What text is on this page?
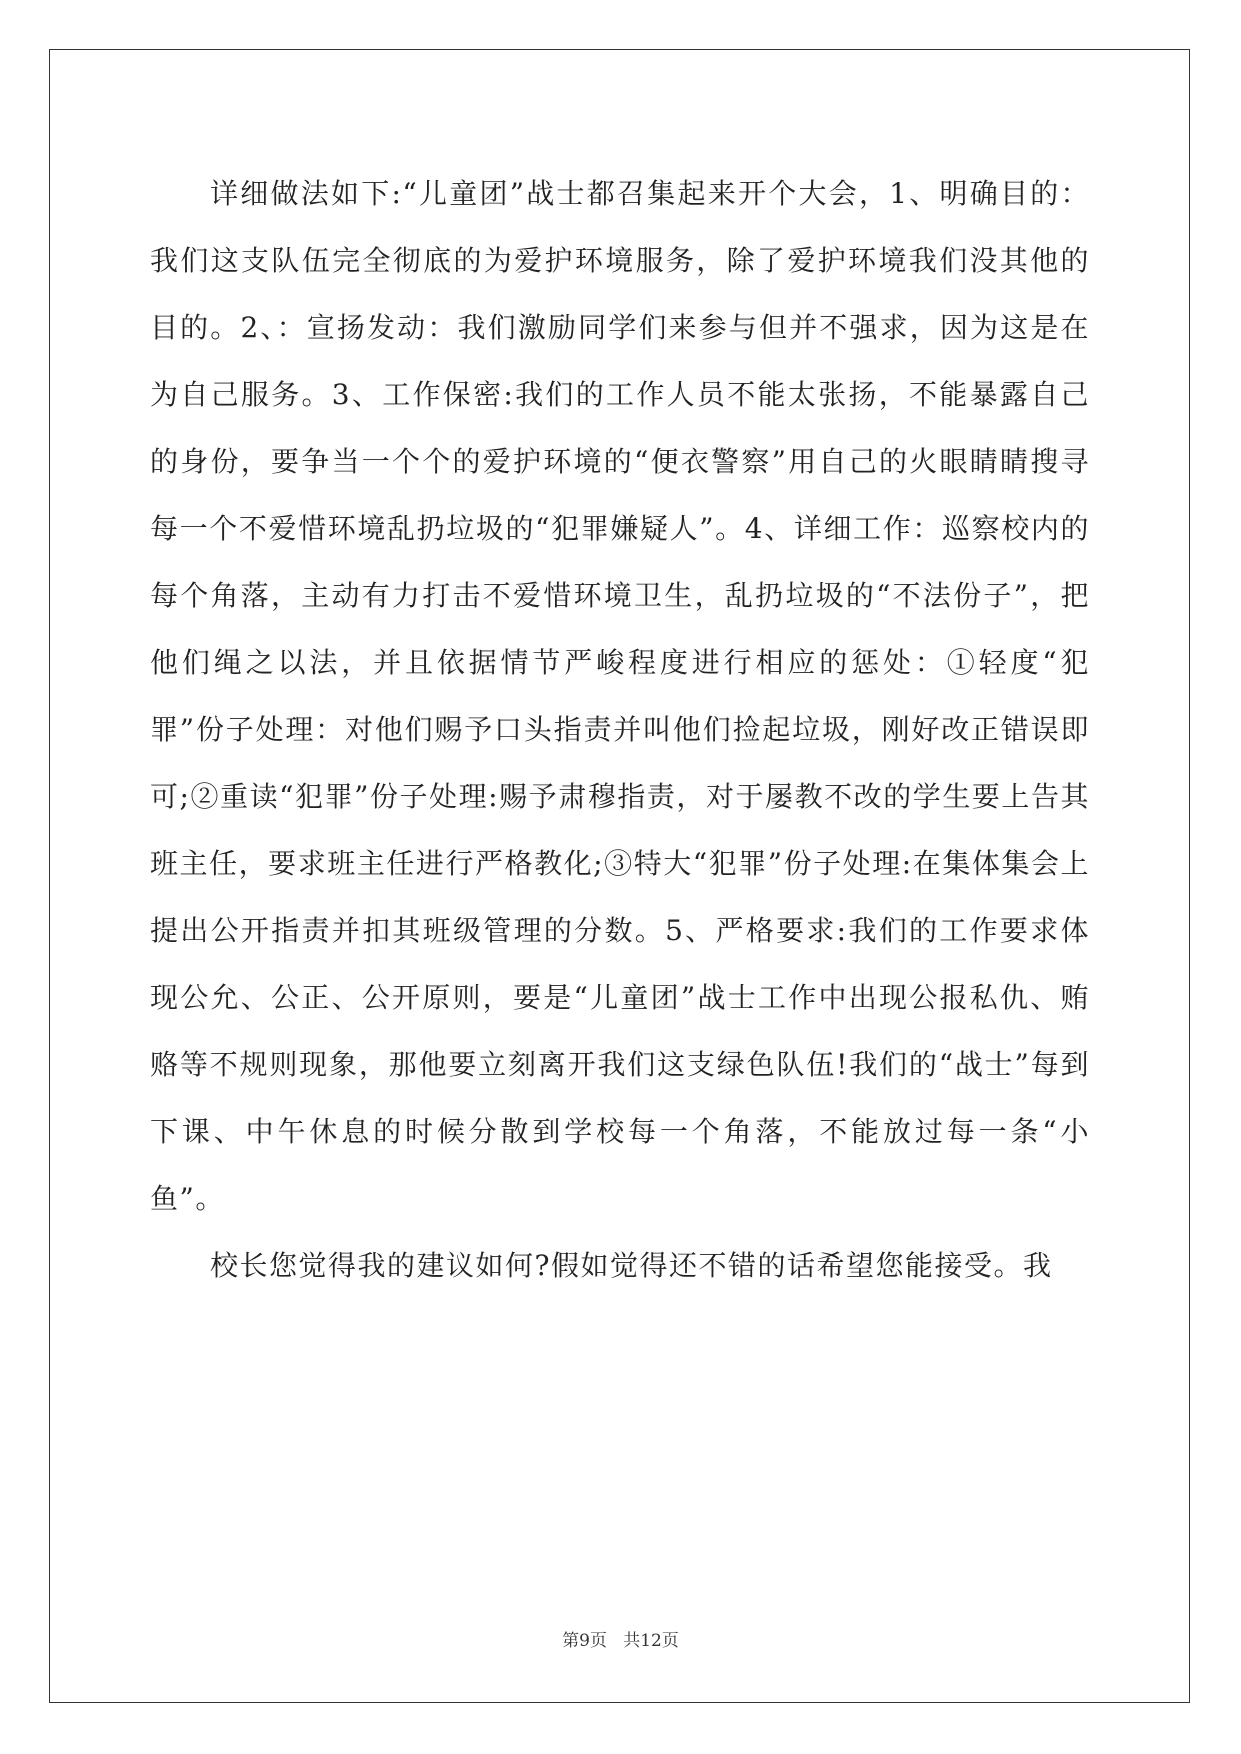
详细做法如下:“儿童团”战士都召集起来开个大会，1、明确目的：我们这支队伍完全彻底的为爱护环境服务，除了爱护环境我们没其他的目的。2、：宣扬发动：我们激励同学们来参与但并不强求，因为这是在为自己服务。3、工作保密:我们的工作人员不能太张扬，不能暴露自己的身份，要争当一个个的爱护环境的“便衣警察”用自己的火眼睛睛搜寻每一个不爱惜环境乱扔垃圾的“犯罪嫌疑人”。4、详细工作：巡察校内的每个角落，主动有力打击不爱惜环境卫生，乱扔垃圾的“不法份子”，把他们绳之以法，并且依据情节严峻程度进行相应的惩处：①轻度“犯罪”份子处理：对他们赐予口头指责并叫他们捡起垃圾，刚好改正错误即可;②重读“犯罪”份子处理:赐予肃穆指责，对于屡教不改的学生要上告其班主任，要求班主任进行严格教化;③特大“犯罪”份子处理:在集体集会上提出公开指责并扣其班级管理的分数。5、严格要求:我们的工作要求体现公允、公正、公开原则，要是“儿童团”战士工作中出现公报私仇、贿赂等不规则现象，那他要立刻离开我们这支绿色队伍!我们的“战士”每到下课、中午休息的时候分散到学校每一个角落，不能放过每一条“小鱼”。

校长您觉得我的建议如何?假如觉得还不错的话希望您能接受。我

第9页 共12页
